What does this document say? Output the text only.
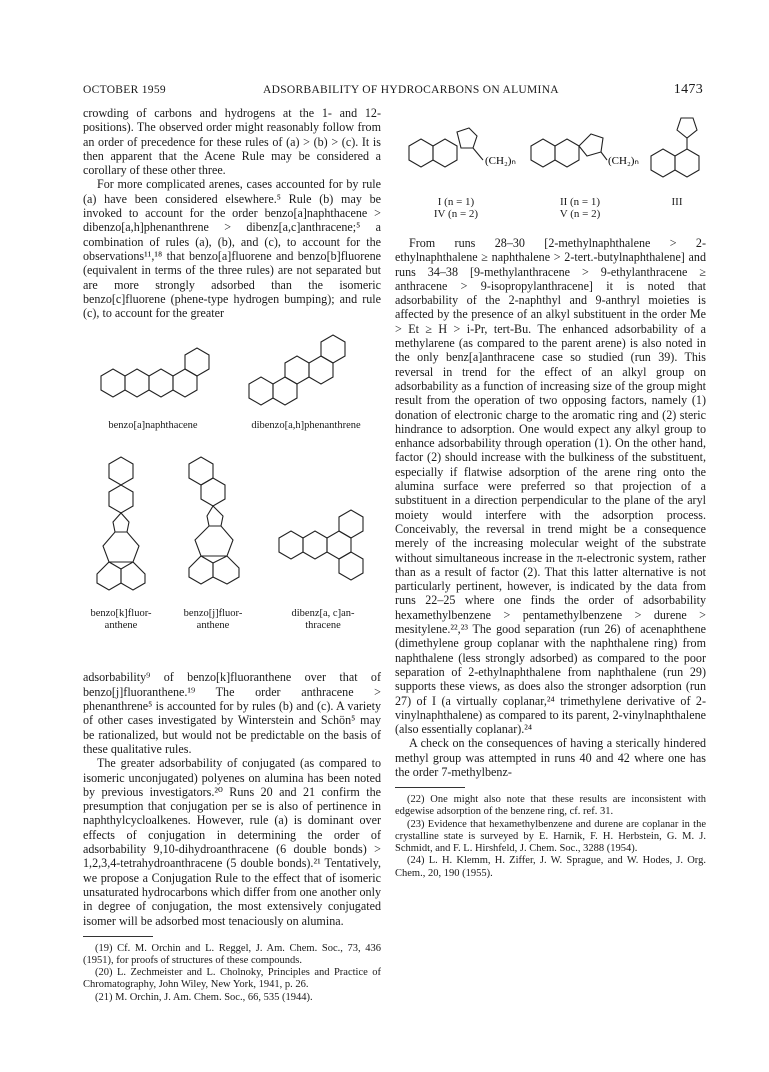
OCTOBER 1959	ADSORBABILITY OF HYDROCARBONS ON ALUMINA	1473
(CH₂)ₙ	(CH₂)ₙ
I (n = 1)
IV (n = 2)
II (n = 1)
V (n = 2)
III

crowding of carbons and hydrogens at the 1- and 12-positions). The observed order might reasonably follow from an order of precedence for these rules of (a) > (b) > (c). It is then apparent that the Acene Rule may be considered a corollary of these other three.

For more complicated arenes, cases accounted for by rule (a) have been considered elsewhere.⁵ Rule (b) may be invoked to account for the order benzo[a]naphthacene > dibenzo[a,h]phenanthrene > dibenz[a,c]anthracene;⁵ a combination of rules (a), (b), and (c), to account for the observations¹¹,¹⁸ that benzo[a]fluorene and benzo[b]fluorene (equivalent in terms of the three rules) are not separated but are more strongly adsorbed than the isomeric benzo[c]fluorene (phene-type hydrogen bumping); and rule (c), to account for the greater

benzo[a]naphthacene	dibenzo[a,h]phenanthrene
benzo[k]fluor-
anthene
benzo[j]fluor-
anthene
dibenz[a, c]an-
thracene

adsorbability⁹ of benzo[k]fluoranthene over that of benzo[j]fluoranthene.¹⁹ The order anthracene > phenanthrene⁵ is accounted for by rules (b) and (c). A variety of other cases investigated by Winterstein and Schön⁵ may be rationalized, but would not be predictable on the basis of these qualitative rules.

The greater adsorbability of conjugated (as compared to isomeric unconjugated) polyenes on alumina has been noted by previous investigators.²⁰ Runs 20 and 21 confirm the presumption that conjugation per se is also of pertinence in naphthylcycloalkenes. However, rule (a) is dominant over effects of conjugation in determining the order of adsorbability 9,10-dihydroanthracene (6 double bonds) > 1,2,3,4-tetrahydroanthracene (5 double bonds).²¹ Tentatively, we propose a Conjugation Rule to the effect that of isomeric unsaturated hydrocarbons which differ from one another only in degree of conjugation, the most extensively conjugated isomer will be adsorbed most tenaciously on alumina.

(19) Cf. M. Orchin and L. Reggel, J. Am. Chem. Soc., 73, 436 (1951), for proofs of structures of these compounds.

(20) L. Zechmeister and L. Cholnoky, Principles and Practice of Chromatography, John Wiley, New York, 1941, p. 26.

(21) M. Orchin, J. Am. Chem. Soc., 66, 535 (1944).

From runs 28–30 [2-methylnaphthalene > 2-ethylnaphthalene ≥ naphthalene > 2-tert.-butylnaphthalene] and runs 34–38 [9-methylanthracene > 9-ethylanthracene ≥ anthracene > 9-isopropylanthracene] it is noted that adsorbability of the 2-naphthyl and 9-anthryl moieties is affected by the presence of an alkyl substituent in the order Me > Et ≥ H > i-Pr, tert-Bu. The enhanced adsorbability of a methylarene (as compared to the parent arene) is also noted in the only benz[a]anthracene case so studied (run 39). This reversal in trend for the effect of an alkyl group on adsorbability as a function of increasing size of the group might result from the operation of two opposing factors, namely (1) donation of electronic charge to the aromatic ring and (2) steric hindrance to adsorption. One would expect any alkyl group to enhance adsorbability through operation (1). On the other hand, factor (2) should increase with the bulkiness of the substituent, especially if flatwise adsorption of the arene ring onto the alumina surface were preferred so that projection of a substituent in a direction perpendicular to the plane of the aryl moiety would interfere with the adsorption process. Conceivably, the reversal in trend might be a consequence merely of the increasing molecular weight of the substrate without simultaneous increase in the π-electronic system, rather than as a result of factor (2). That this latter alternative is not particularly pertinent, however, is indicated by the data from runs 22–25 where one finds the order of adsorbability hexamethylbenzene > pentamethylbenzene > durene > mesitylene.²²,²³ The good separation (run 26) of acenaphthene (dimethylene group coplanar with the naphthalene ring) from naphthalene (less strongly adsorbed) as compared to the poor separation of 2-ethylnaphthalene from naphthalene (run 29) supports these views, as does also the stronger adsorption (run 27) of I (a virtually coplanar,²⁴ trimethylene derivative of 2-vinylnaphthalene) as compared to its parent, 2-vinylnaphthalene (also essentially coplanar).²⁴

A check on the consequences of having a sterically hindered methyl group was attempted in runs 40 and 42 where one has the order 7-methylbenz-

(22) One might also note that these results are inconsistent with edgewise adsorption of the benzene ring, cf. ref. 31.

(23) Evidence that hexamethylbenzene and durene are coplanar in the crystalline state is surveyed by E. Harnik, F. H. Herbstein, G. M. J. Schmidt, and F. L. Hirshfeld, J. Chem. Soc., 3288 (1954).

(24) L. H. Klemm, H. Ziffer, J. W. Sprague, and W. Hodes, J. Org. Chem., 20, 190 (1955).
